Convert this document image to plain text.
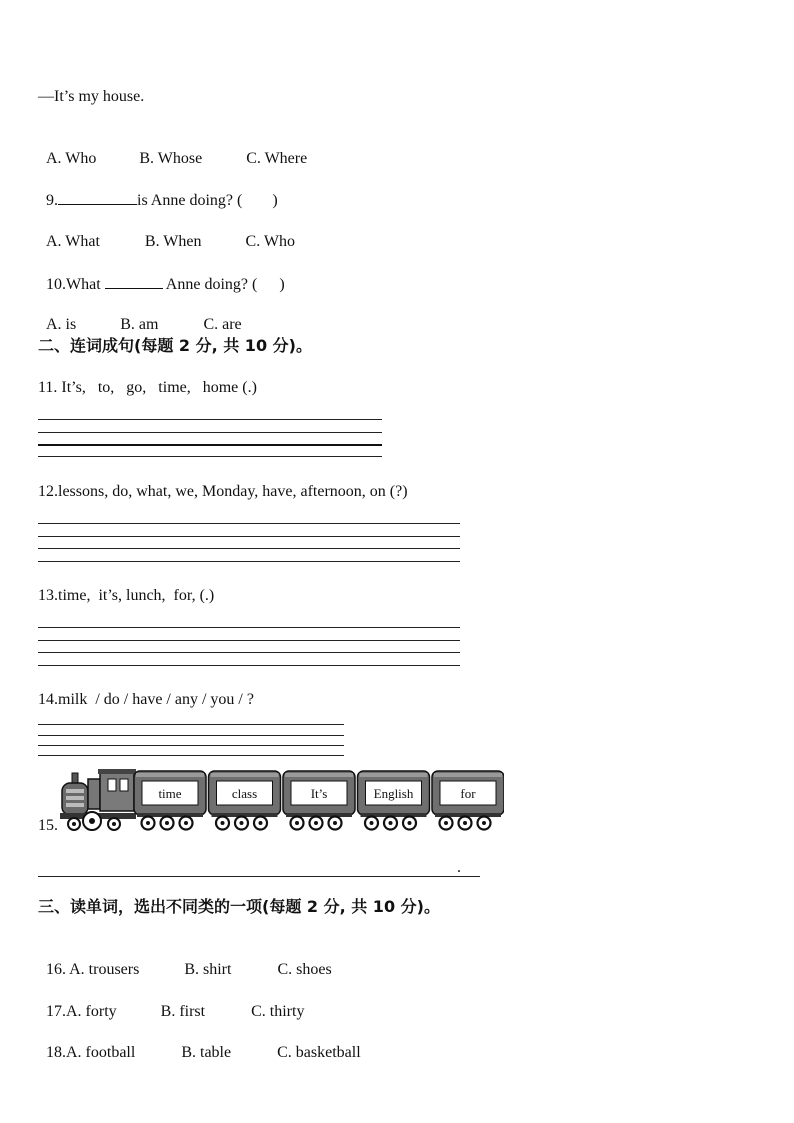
—It’s my house.

A. Who	B. Whose	C. Where

9.	is Anne doing? ( )

A. What	B. When	C. Who

10.What	Anne doing? ( )

A. is	B. am	C. are

二、连词成句(每题 2 分, 共 10 分)。
11. It’s,   to,   go,   time,   home (.)
12.lessons, do, what, we, Monday, have, afternoon, on (?)
13.time,  it’s, lunch,  for, (.)
14.milk  / do / have / any / you / ?
15.
time	class	It’s	English	for
.
三、读单词，选出不同类的一项(每题 2 分, 共 10 分)。

16. A. trousers	B. shirt	C. shoes

17.A. forty	B. first	C. thirty

18.A. football	B. table	C. basketball
